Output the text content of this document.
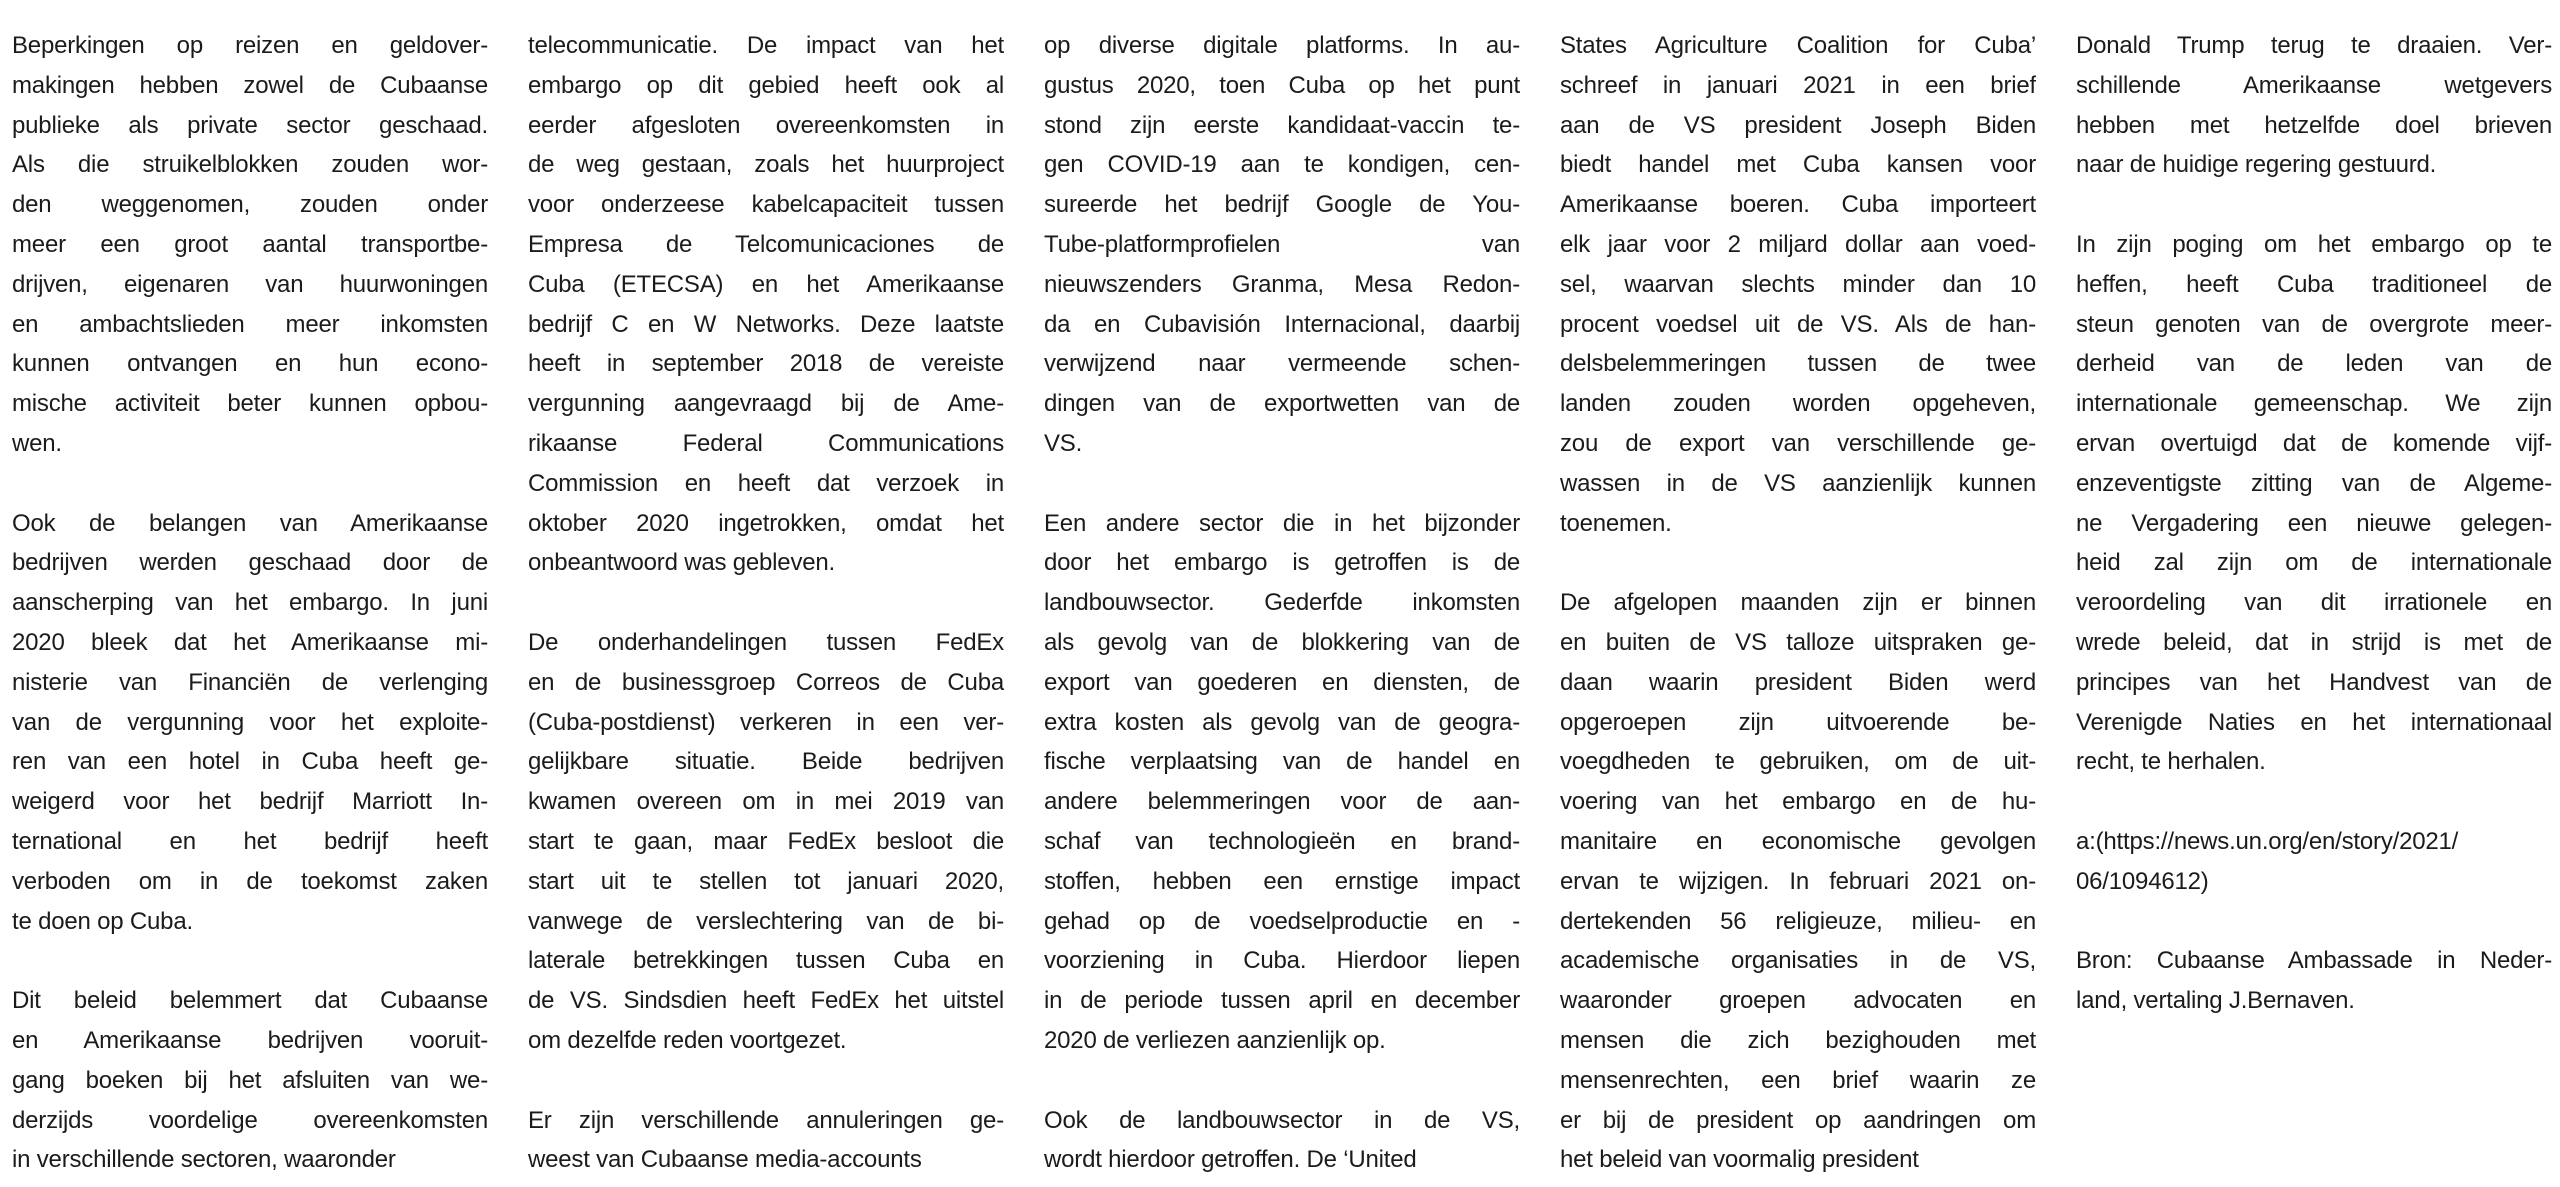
Beperkingen op reizen en geldover-
makingen hebben zowel de Cubaanse
publieke als private sector geschaad.
Als die struikelblokken zouden wor-
den weggenomen, zouden onder
meer een groot aantal transportbe-
drijven, eigenaren van huurwoningen
en ambachtslieden meer inkomsten
kunnen ontvangen en hun econo-
mische activiteit beter kunnen opbou-
wen.
Ook de belangen van Amerikaanse
bedrijven werden geschaad door de
aanscherping van het embargo. In juni
2020 bleek dat het Amerikaanse mi-
nisterie van Financiën de verlenging
van de vergunning voor het exploite-
ren van een hotel in Cuba heeft ge-
weigerd voor het bedrijf Marriott In-
ternational en het bedrijf heeft
verboden om in de toekomst zaken
te doen op Cuba.
Dit beleid belemmert dat Cubaanse
en Amerikaanse bedrijven vooruit-
gang boeken bij het afsluiten van we-
derzijds voordelige overeenkomsten
in verschillende sectoren, waaronder
telecommunicatie. De impact van het
embargo op dit gebied heeft ook al
eerder afgesloten overeenkomsten in
de weg gestaan, zoals het huurproject
voor onderzeese kabelcapaciteit tussen
Empresa de Telcomunicaciones de
Cuba (ETECSA) en het Amerikaanse
bedrijf C en W Networks. Deze laatste
heeft in september 2018 de vereiste
vergunning aangevraagd bij de Ame-
rikaanse Federal Communications
Commission en heeft dat verzoek in
oktober 2020 ingetrokken, omdat het
onbeantwoord was gebleven.
De onderhandelingen tussen FedEx
en de businessgroep Correos de Cuba
(Cuba-postdienst) verkeren in een ver-
gelijkbare situatie. Beide bedrijven
kwamen overeen om in mei 2019 van
start te gaan, maar FedEx besloot die
start uit te stellen tot januari 2020,
vanwege de verslechtering van de bi-
laterale betrekkingen tussen Cuba en
de VS. Sindsdien heeft FedEx het uitstel
om dezelfde reden voortgezet.
Er zijn verschillende annuleringen ge-
weest van Cubaanse media-accounts
op diverse digitale platforms. In au-
gustus 2020, toen Cuba op het punt
stond zijn eerste kandidaat-vaccin te-
gen COVID-19 aan te kondigen, cen-
sureerde het bedrijf Google de You-
Tube-platformprofielen van
nieuwszenders Granma, Mesa Redon-
da en Cubavisión Internacional, daarbij
verwijzend naar vermeende schen-
dingen van de exportwetten van de
VS.
Een andere sector die in het bijzonder
door het embargo is getroffen is de
landbouwsector. Gederfde inkomsten
als gevolg van de blokkering van de
export van goederen en diensten, de
extra kosten als gevolg van de geogra-
fische verplaatsing van de handel en
andere belemmeringen voor de aan-
schaf van technologieën en brand-
stoffen, hebben een ernstige impact
gehad op de voedselproductie en -
voorziening in Cuba. Hierdoor liepen
in de periode tussen april en december
2020 de verliezen aanzienlijk op.
Ook de landbouwsector in de VS,
wordt hierdoor getroffen. De ‘United
States Agriculture Coalition for Cuba’
schreef in januari 2021 in een brief
aan de VS president Joseph Biden
biedt handel met Cuba kansen voor
Amerikaanse boeren. Cuba importeert
elk jaar voor 2 miljard dollar aan voed-
sel, waarvan slechts minder dan 10
procent voedsel uit de VS. Als de han-
delsbelemmeringen tussen de twee
landen zouden worden opgeheven,
zou de export van verschillende ge-
wassen in de VS aanzienlijk kunnen
toenemen.
De afgelopen maanden zijn er binnen
en buiten de VS talloze uitspraken ge-
daan waarin president Biden werd
opgeroepen zijn uitvoerende be-
voegdheden te gebruiken, om de uit-
voering van het embargo en de hu-
manitaire en economische gevolgen
ervan te wijzigen. In februari 2021 on-
dertekenden 56 religieuze, milieu- en
academische organisaties in de VS,
waaronder groepen advocaten en
mensen die zich bezighouden met
mensenrechten, een brief waarin ze
er bij de president op aandringen om
het beleid van voormalig president
Donald Trump terug te draaien. Ver-
schillende Amerikaanse wetgevers
hebben met hetzelfde doel brieven
naar de huidige regering gestuurd.
In zijn poging om het embargo op te
heffen, heeft Cuba traditioneel de
steun genoten van de overgrote meer-
derheid van de leden van de
internationale gemeenschap. We zijn
ervan overtuigd dat de komende vijf-
enzeventigste zitting van de Algeme-
ne Vergadering een nieuwe gelegen-
heid zal zijn om de internationale
veroordeling van dit irrationele en
wrede beleid, dat in strijd is met de
principes van het Handvest van de
Verenigde Naties en het internationaal
recht, te herhalen.
a:(https://news.un.org/en/story/2021/
06/1094612)
Bron: Cubaanse Ambassade in Neder-
land, vertaling J.Bernaven.
